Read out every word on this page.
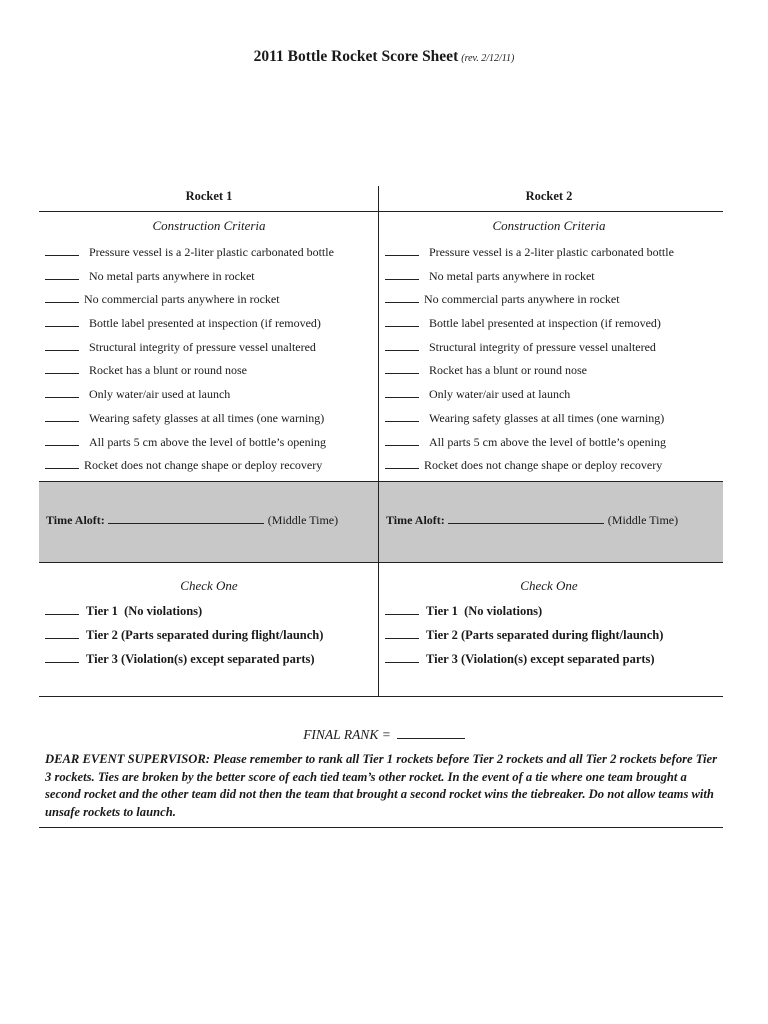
2011 Bottle Rocket Score Sheet (rev. 2/12/11)
Rocket 1
Construction Criteria
Pressure vessel is a 2-liter plastic carbonated bottle
No metal parts anywhere in rocket
No commercial parts anywhere in rocket
Bottle label presented at inspection (if removed)
Structural integrity of pressure vessel unaltered
Rocket has a blunt or round nose
Only water/air used at launch
Wearing safety glasses at all times (one warning)
All parts 5 cm above the level of bottle’s opening
Rocket does not change shape or deploy recovery
Time Aloft:	(Middle Time)
Check One
Tier 1  (No violations)
Tier 2 (Parts separated during flight/launch)
Tier 3 (Violation(s) except separated parts)
Rocket 2
Construction Criteria
Pressure vessel is a 2-liter plastic carbonated bottle
No metal parts anywhere in rocket
No commercial parts anywhere in rocket
Bottle label presented at inspection (if removed)
Structural integrity of pressure vessel unaltered
Rocket has a blunt or round nose
Only water/air used at launch
Wearing safety glasses at all times (one warning)
All parts 5 cm above the level of bottle’s opening
Rocket does not change shape or deploy recovery
Time Aloft:	(Middle Time)
Check One
Tier 1  (No violations)
Tier 2 (Parts separated during flight/launch)
Tier 3 (Violation(s) except separated parts)
FINAL RANK =
DEAR EVENT SUPERVISOR: Please remember to rank all Tier 1 rockets before Tier 2 rockets and all Tier 2 rockets before Tier 3 rockets. Ties are broken by the better score of each tied team’s other rocket. In the event of a tie where one team brought a second rocket and the other team did not then the team that brought a second rocket wins the tiebreaker. Do not allow teams with unsafe rockets to launch.
